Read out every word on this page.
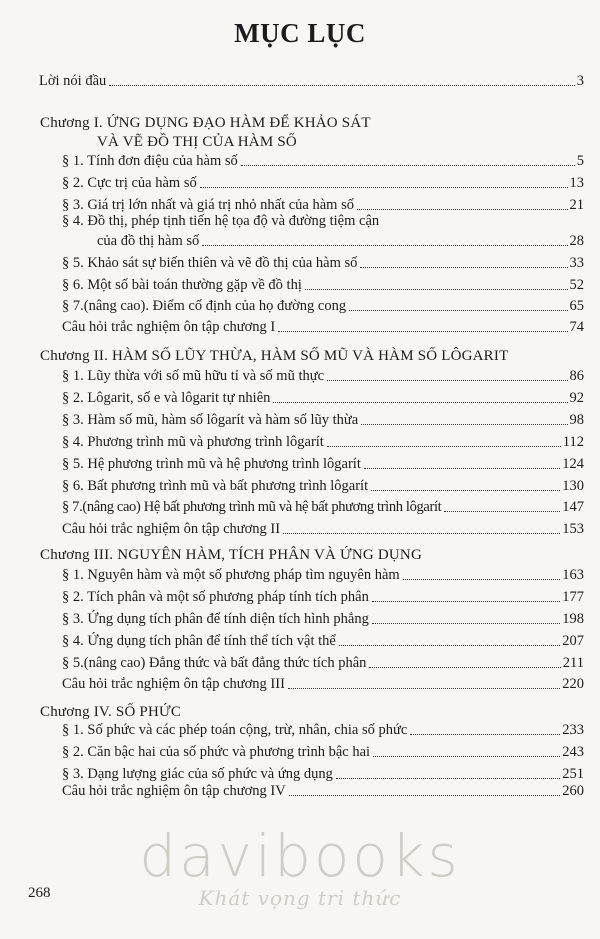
MỤC LỤC
Lời nói đầu	3
Chương I. ỨNG DỤNG ĐẠO HÀM ĐỂ KHẢO SÁT
VÀ VẼ ĐỒ THỊ CỦA HÀM SỐ
§ 1. Tính đơn điệu của hàm số	5
§ 2. Cực trị của hàm số	13
§ 3. Giá trị lớn nhất và giá trị nhỏ nhất của hàm số	21
§ 4. Đồ thị, phép tịnh tiến hệ tọa độ và đường tiệm cận
của đồ thị hàm số	28
§ 5. Khảo sát sự biến thiên và vẽ đồ thị của hàm số	33
§ 6. Một số bài toán thường gặp về đồ thị	52
§ 7.(nâng cao). Điểm cố định của họ đường cong	65
Câu hỏi trắc nghiệm ôn tập chương I	74
Chương II. HÀM SỐ LŨY THỪA, HÀM SỐ MŨ VÀ HÀM SỐ LÔGARIT
§ 1. Lũy thừa với số mũ hữu tỉ và số mũ thực	86
§ 2. Lôgarit, số e và lôgarit tự nhiên	92
§ 3. Hàm số mũ, hàm số lôgarít và hàm số lũy thừa	98
§ 4. Phương trình mũ và phương trình lôgarít	112
§ 5. Hệ phương trình mũ và hệ phương trình lôgarít	124
§ 6. Bất phương trình mũ và bất phương trình lôgarít	130
§ 7.(nâng cao) Hệ bất phương trình mũ và hệ bất phương trình lôgarít	147
Câu hỏi trắc nghiệm ôn tập chương II	153
Chương III. NGUYÊN HÀM, TÍCH PHÂN VÀ ỨNG DỤNG
§ 1. Nguyên hàm và một số phương pháp tìm nguyên hàm	163
§ 2. Tích phân và một số phương pháp tính tích phân	177
§ 3. Ứng dụng tích phân để tính diện tích hình phẳng	198
§ 4. Ứng dụng tích phân để tính thể tích vật thể	207
§ 5.(nâng cao) Đẳng thức và bất đẳng thức tích phân	211
Câu hỏi trắc nghiệm ôn tập chương III	220
Chương IV. SỐ PHỨC
§ 1. Số phức và các phép toán cộng, trừ, nhân, chia số phức	233
§ 2. Căn bậc hai của số phức và phương trình bậc hai	243
§ 3. Dạng lượng giác của số phức và ứng dụng	251
Câu hỏi trắc nghiệm ôn tập chương IV	260
davibooks
Khát vọng tri thức
268
